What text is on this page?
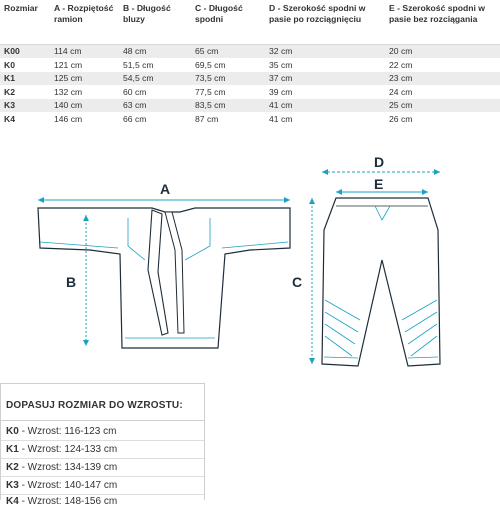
Rozmiar	A - Rozpiętość ramion	B - Długość bluzy	C - Długość spodni	D - Szerokość spodni w pasie po rozciągnięciu	E - Szerokość spodni w pasie bez rozciągania
K00	114 cm	48 cm	65 cm	32 cm	20 cm
K0	121 cm	51,5 cm	69,5 cm	35 cm	22 cm
K1	125 cm	54,5 cm	73,5 cm	37 cm	23 cm
K2	132 cm	60 cm	77,5 cm	39 cm	24 cm
K3	140 cm	63 cm	83,5 cm	41 cm	25 cm
K4	146 cm	66 cm	87 cm	41 cm	26 cm
A
B	C
D
E
DOPASUJ ROZMIAR DO WZROSTU:
K0 - Wzrost: 116-123 cm
K1 - Wzrost: 124-133 cm
K2 - Wzrost: 134-139 cm
K3 - Wzrost: 140-147 cm
K4 - Wzrost: 148-156 cm
